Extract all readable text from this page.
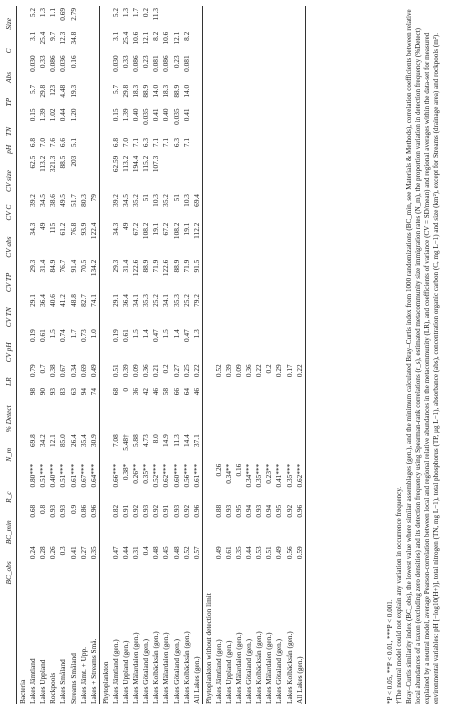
	BC_obs	BC_min	R_c	N_m	% Detect	LR	CV pH	CV TN	CV TP	CV abs	CV C	CV size	pH	TN	TP	Abs	C	Size
Bacteria																		
Lakes Jämtland	0.24	0.68	0.80***	69.8	98	0.79	0.19	29.1	29.3	34.3	39.2	62.5	6.8	0.15	5.7	0.030	3.1	5.2
Lakes Uppland	0.28	0.8	0.51***	34.2	90	0.7	0.61	36.4	31.4	49	34.5	113.2	7.0	1.39	29.8	0.33	25.4	1.3
Rockpools	0.26	0.93	0.40***	12.1	93	0.38	1.5	40.6	84.9	115	38.6	321.3	7.6	1.02	123	0.086	9.7	1.1
Lakes Småland	0.3	0.93	0.51***	85.0	83	0.67	0.74	41.2	76.7	61.2	49.5	88.5	6.6	0.44	4.48	0.036	12.3	0.69
Streams Småland	0.41	0.9	0.61***	26.4	63	0.34	1.7	48.8	91.4	76.8	51.7	203	5.1	1.20	19.3	0.16	34.8	2.79
Lakes Jämt. + Upp.	0.27	0.86	0.67***	35.4	94	0.69	0.73	82.7	70.5	93.9	80.3							
Lakes + Streams Små.	0.35	0.96	0.64***	30.9	74	0.49	1.0	74.1	134.2	122.4	79							
Phytoplankton																		
Lakes Jämtland (gen.)	0.47	0.82	0.66***	7.08	68	0.51	0.19	29.1	29.3	34.3	39.2	62.59	6.8	0.15	5.7	0.030	3.1	5.2
Lakes Uppland (gen.)	0.44	0.91	0.38*	5.48†	0	0.39	0.61	36.4	31.4	49	34.5	113.2	7.0	1.39	29.8	0.33	25.4	1.3
Lakes Mälardalen (gen.)	0.31	0.92	0.26**	5.88	36	0.09	1.5	34.1	122.6	67.2	35.2	194.4	7.1	0.40	18.3	0.086	10.6	1.7
Lakes Götaland (gen.)	0.4	0.93	0.35**	4.73	42	0.36	1.4	35.3	88.9	108.2	51	115.2	6.3	0.035	88.9	0.23	12.1	0.2
Lakes Kolbäcksån (gen.)	0.48	0.92	0.52***	8.0	46	0.21	0.47	25.2	71.9	19.1	10.3	107.3	7.1	0.41	14.0	0.081	8.2	11.3
Lakes Mälardalen (gen.)	0.45	0.91	0.62***	14.9	58	0.2	1.5	34.1	122.6	67.2	35.2		7.1	0.40	18.3	0.086	10.6	
Lakes Götaland (gen.)	0.48	0.93	0.60***	11.3	66	0.27	1.4	35.3	88.9	108.2	51		6.3	0.035	88.9	0.23	12.1	
Lakes Kolbäcksån (gen.)	0.52	0.92	0.56***	14.4	64	0.25	0.47	25.2	71.9	19.1	10.3		7.1	0.41	14.0	0.081	8.2	
All Lakes (gen.)	0.57	0.96	0.61***	37.1	46	0.22	1.3	79.2	91.5	112.2	69.4							
Phytoplankton without detection limit																		
Lakes Jämtland (gen.)	0.49	0.88	0.26			0.52												
Lakes Uppland (gen.)	0.61	0.93	0.34**			0.39												
Lakes Mälardalen (gen.)	0.35	0.95	0.16			0.09												
Lakes Götaland (gen.)	0.44	0.94	0.34***			0.36												
Lakes Kolbäcksån (gen.)	0.53	0.93	0.35***			0.22												
Lakes Mälardalen (gen.)	0.51	0.94	0.23**			0.2												
Lakes Götaland (gen.)	0.49	0.95	0.41***			0.29												
Lakes Kolbäcksån (gen.)	0.56	0.92	0.35***			0.17												
All Lakes (gen.)	0.59	0.96	0.62***			0.22												

*P < 0.05, **P < 0.01, ***P < 0.001. †The neutral model could not explain any variation in occurrence frequency. Bray–Curtis similarity index (BC_obs), the lowest value where similar assemblages (gen.), and the minimum calculated Bray–Curtis index from 1000 randomizations (BC_min, see Materials & Methods), correlation coefficients between relative local abundances of a taxon (excluding zero densities) and its detection frequency using Spearman-rank correlations (r_s), estimated metacommunity size immigration rates (N_m), the proportion variation in detection frequency (%Detect) explained by a neutral model, average Pearson-correlation between local and regional relative abundances in the metacommunity (LR), and coefficients of variance (CV = SD/mean) and regional averages within the data-set for measured environmental variables: pH [−log10(H+)], total nitrogen (TN, mg L−1), total phosphorus (TP, µg L−1), absorbance (abs), concentration organic carbon (C, mg L−1) and size (km²), except for Streams (drainage area) and rockpools (m²).
